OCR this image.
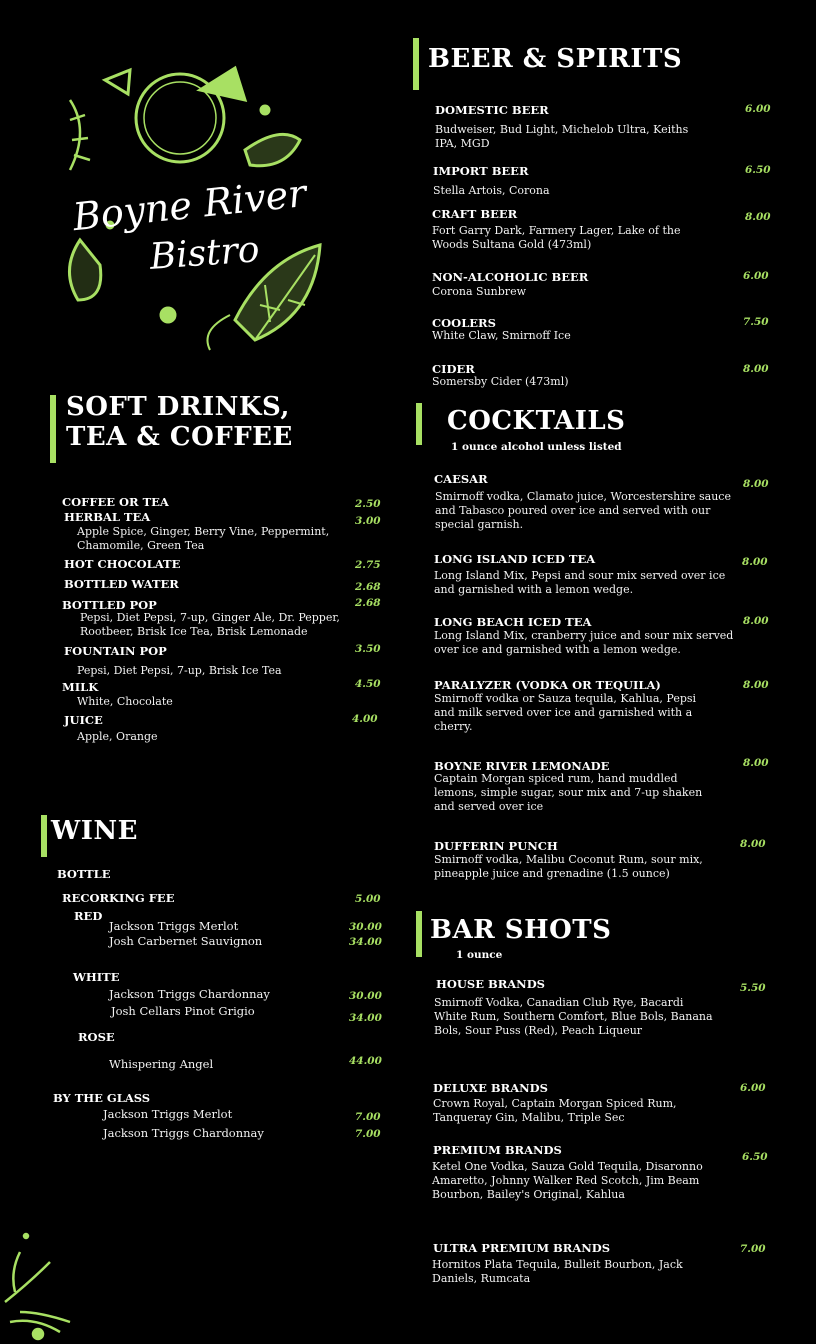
Boyne River
Bistro
SOFT DRINKS,
TEA & COFFEE
COFFEE OR TEA	2.50
HERBAL TEA	3.00
Apple Spice, Ginger, Berry Vine, Peppermint, Chamomile, Green Tea
HOT CHOCOLATE	2.75
BOTTLED WATER	2.68
BOTTLED POP	2.68
Pepsi, Diet Pepsi, 7-up, Ginger Ale, Dr. Pepper, Rootbeer, Brisk Ice Tea, Brisk Lemonade
FOUNTAIN POP	3.50
Pepsi, Diet Pepsi, 7-up, Brisk Ice Tea
MILK	4.50
White, Chocolate
JUICE	4.00
Apple, Orange
WINE
BOTTLE
RECORKING FEE	5.00
RED
Jackson Triggs Merlot	30.00
Josh Carbernet Sauvignon	34.00
WHITE
Jackson Triggs Chardonnay	30.00
Josh Cellars Pinot Grigio	34.00
ROSE
Whispering Angel	44.00
BY THE GLASS
Jackson Triggs Merlot	7.00
Jackson Triggs Chardonnay	7.00
BEER & SPIRITS
DOMESTIC BEER	6.00
Budweiser, Bud Light, Michelob Ultra, Keiths IPA, MGD
IMPORT BEER	6.50
Stella Artois, Corona
CRAFT BEER	8.00
Fort Garry Dark, Farmery Lager, Lake of the Woods Sultana Gold (473ml)
NON-ALCOHOLIC BEER	6.00
Corona Sunbrew
COOLERS	7.50
White Claw, Smirnoff Ice
CIDER	8.00
Somersby Cider (473ml)
COCKTAILS
1 ounce alcohol unless listed
CAESAR	8.00
Smirnoff vodka, Clamato juice, Worcestershire sauce and Tabasco poured over ice and served with our special garnish.
LONG ISLAND ICED TEA	8.00
Long Island Mix, Pepsi and sour mix served over ice and garnished with a lemon wedge.
LONG BEACH ICED TEA	8.00
Long Island Mix, cranberry juice and sour mix served over ice and garnished with a lemon wedge.
PARALYZER (VODKA OR TEQUILA)	8.00
Smirnoff vodka or Sauza tequila, Kahlua, Pepsi and milk served over ice and garnished with a cherry.
BOYNE RIVER LEMONADE	8.00
Captain Morgan spiced rum, hand muddled lemons, simple sugar, sour mix and 7-up shaken and served over ice
DUFFERIN PUNCH	8.00
Smirnoff vodka, Malibu Coconut Rum, sour mix, pineapple juice and grenadine (1.5 ounce)
BAR SHOTS
1 ounce
HOUSE BRANDS	5.50
Smirnoff Vodka, Canadian Club Rye, Bacardi White Rum, Southern Comfort, Blue Bols, Banana Bols, Sour Puss (Red), Peach Liqueur
DELUXE BRANDS	6.00
Crown Royal, Captain Morgan Spiced Rum, Tanqueray Gin, Malibu, Triple Sec
PREMIUM BRANDS	6.50
Ketel One Vodka, Sauza Gold Tequila, Disaronno Amaretto, Johnny Walker Red Scotch, Jim Beam Bourbon, Bailey's Original, Kahlua
ULTRA PREMIUM BRANDS	7.00
Hornitos Plata Tequila, Bulleit Bourbon, Jack Daniels, Rumcata
